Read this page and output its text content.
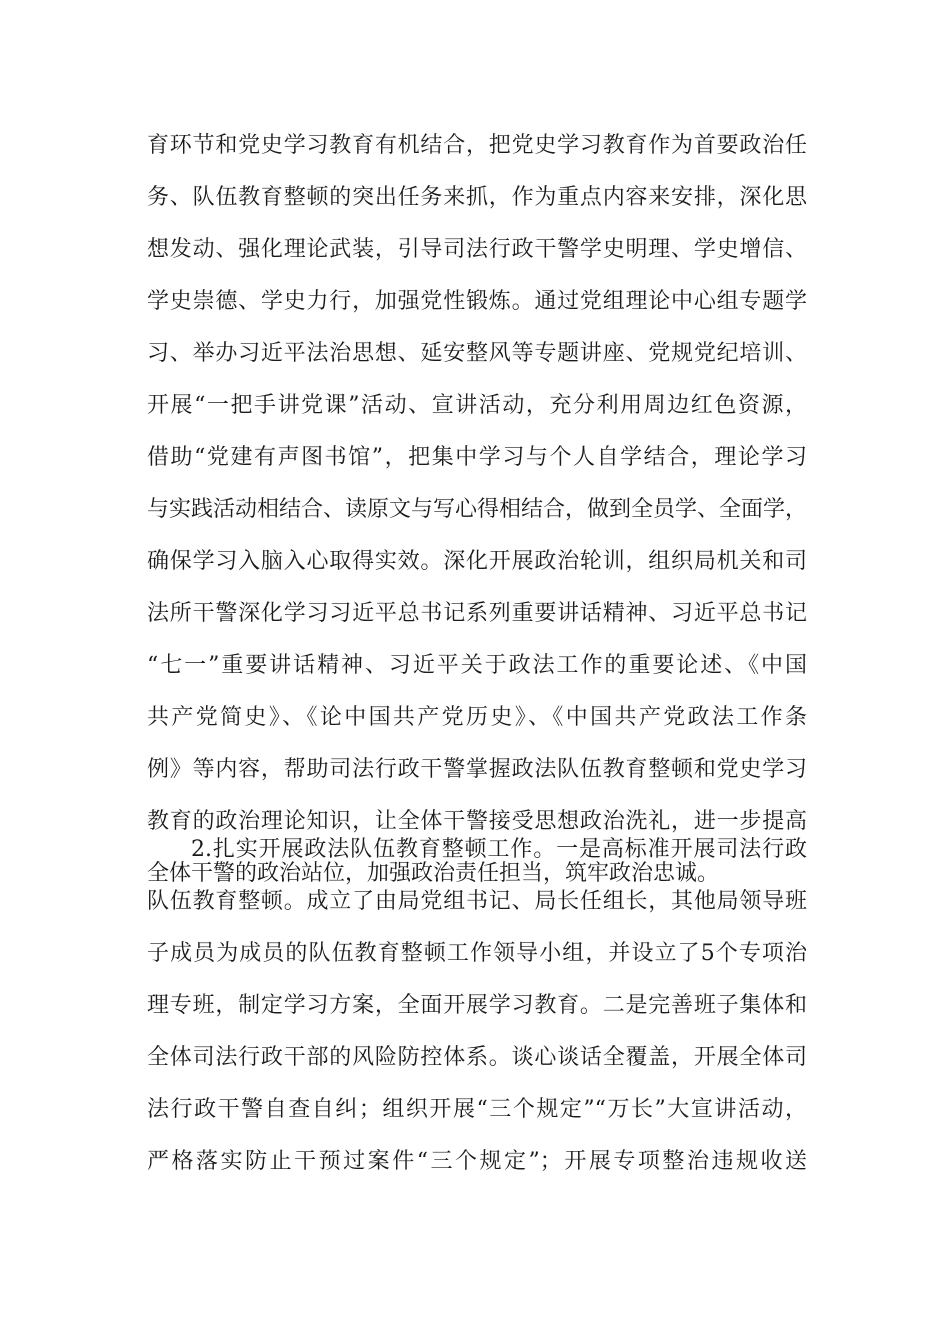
育环节和党史学习教育有机结合，把党史学习教育作为首要政治任
务、队伍教育整顿的突出任务来抓，作为重点内容来安排，深化思
想发动、强化理论武装，引导司法行政干警学史明理、学史增信、
学史崇德、学史力行，加强党性锻炼。通过党组理论中心组专题学
习、举办习近平法治思想、延安整风等专题讲座、党规党纪培训、
开展“一把手讲党课”活动、宣讲活动，充分利用周边红色资源，
借助“党建有声图书馆”，把集中学习与个人自学结合，理论学习
与实践活动相结合、读原文与写心得相结合，做到全员学、全面学，
确保学习入脑入心取得实效。深化开展政治轮训，组织局机关和司
法所干警深化学习习近平总书记系列重要讲话精神、习近平总书记
“七一”重要讲话精神、习近平关于政法工作的重要论述、《中国
共产党简史》、《论中国共产党历史》、《中国共产党政法工作条
例》等内容，帮助司法行政干警掌握政法队伍教育整顿和党史学习
教育的政治理论知识，让全体干警接受思想政治洗礼，进一步提高
全体干警的政治站位，加强政治责任担当，筑牢政治忠诚。
2.扎实开展政法队伍教育整顿工作。一是高标准开展司法行政
队伍教育整顿。成立了由局党组书记、局长任组长，其他局领导班
子成员为成员的队伍教育整顿工作领导小组，并设立了5个专项治
理专班，制定学习方案，全面开展学习教育。二是完善班子集体和
全体司法行政干部的风险防控体系。谈心谈话全覆盖，开展全体司
法行政干警自查自纠；组织开展“三个规定”“万长”大宣讲活动，
严格落实防止干预过案件“三个规定”；开展专项整治违规收送
